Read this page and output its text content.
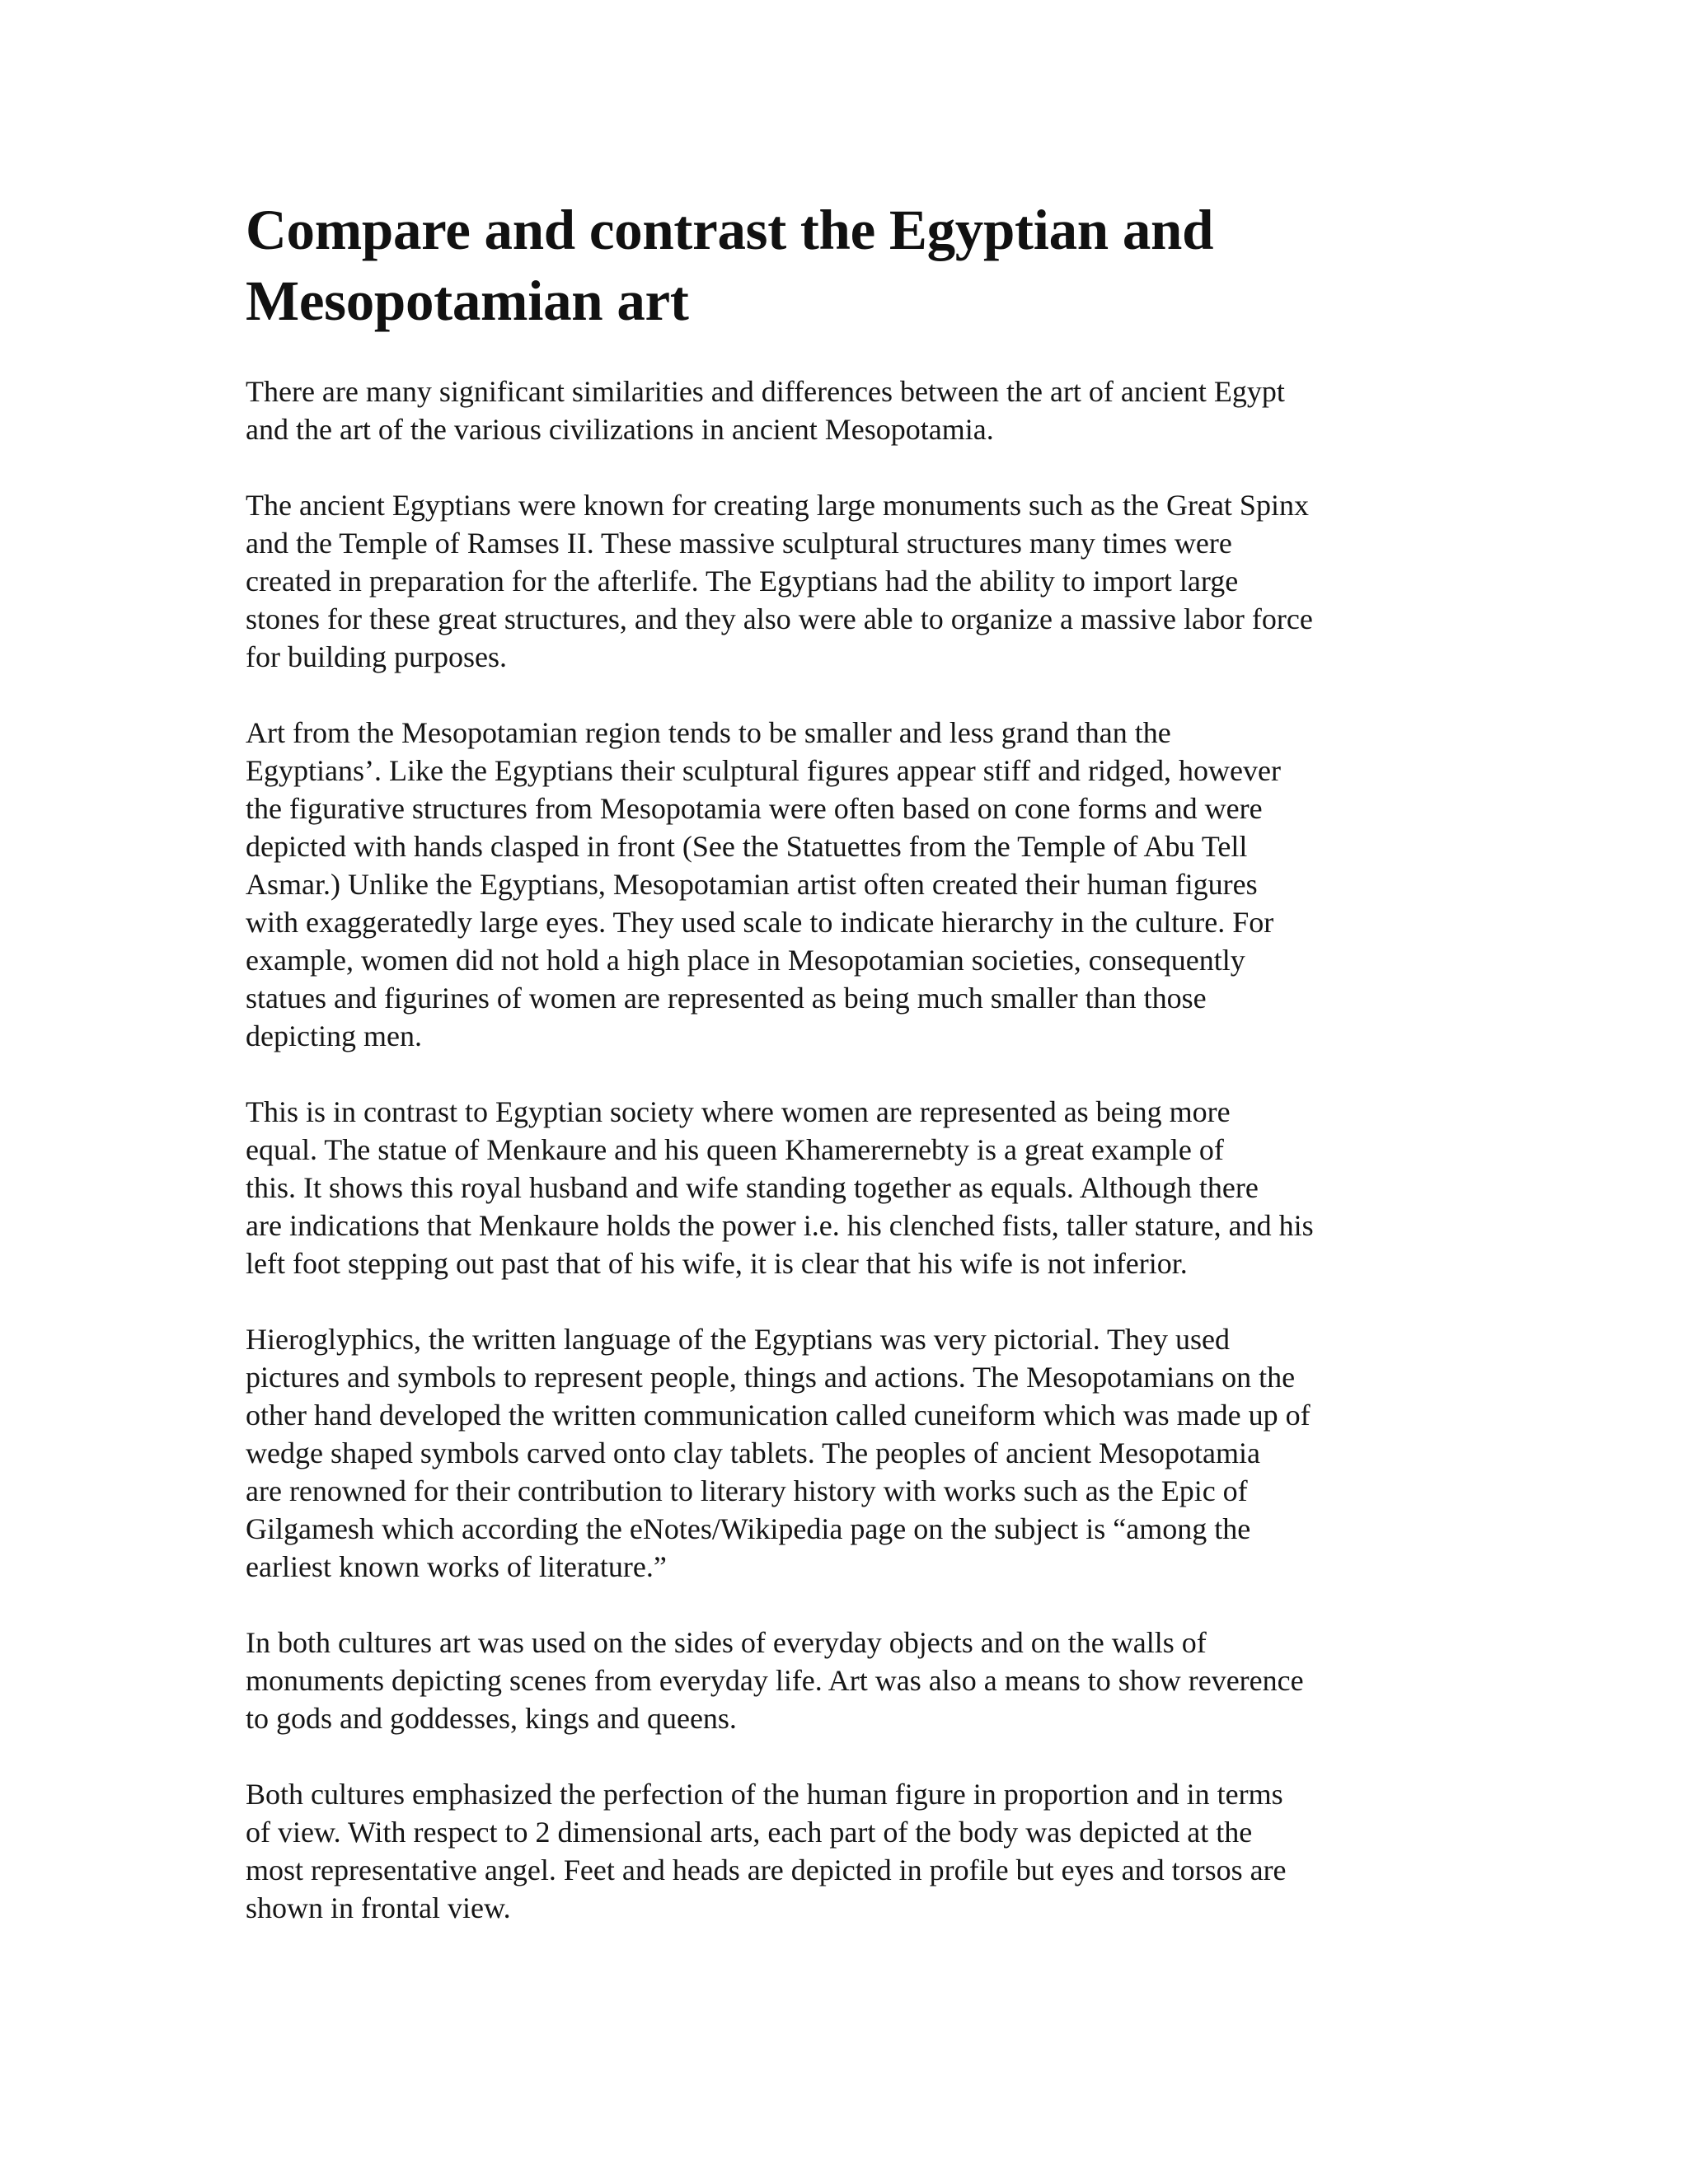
Compare and contrast the Egyptian and
Mesopotamian art

There are many significant similarities and differences between the art of ancient Egypt
and the art of the various civilizations in ancient Mesopotamia.

The ancient Egyptians were known for creating large monuments such as the Great Spinx
and the Temple of Ramses II. These massive sculptural structures many times were
created in preparation for the afterlife. The Egyptians had the ability to import large
stones for these great structures, and they also were able to organize a massive labor force
for building purposes.

Art from the Mesopotamian region tends to be smaller and less grand than the
Egyptians’. Like the Egyptians their sculptural figures appear stiff and ridged, however
the figurative structures from Mesopotamia were often based on cone forms and were
depicted with hands clasped in front (See the Statuettes from the Temple of Abu Tell
Asmar.) Unlike the Egyptians, Mesopotamian artist often created their human figures
with exaggeratedly large eyes. They used scale to indicate hierarchy in the culture. For
example, women did not hold a high place in Mesopotamian societies, consequently
statues and figurines of women are represented as being much smaller than those
depicting men.

This is in contrast to Egyptian society where women are represented as being more
equal. The statue of Menkaure and his queen Khamerernebty is a great example of
this. It shows this royal husband and wife standing together as equals. Although there
are indications that Menkaure holds the power i.e. his clenched fists, taller stature, and his
left foot stepping out past that of his wife, it is clear that his wife is not inferior.

Hieroglyphics, the written language of the Egyptians was very pictorial. They used
pictures and symbols to represent people, things and actions. The Mesopotamians on the
other hand developed the written communication called cuneiform which was made up of
wedge shaped symbols carved onto clay tablets. The peoples of ancient Mesopotamia
are renowned for their contribution to literary history with works such as the Epic of
Gilgamesh which according the eNotes/Wikipedia page on the subject is “among the
earliest known works of literature.”

In both cultures art was used on the sides of everyday objects and on the walls of
monuments depicting scenes from everyday life. Art was also a means to show reverence
to gods and goddesses, kings and queens.

Both cultures emphasized the perfection of the human figure in proportion and in terms
of view. With respect to 2 dimensional arts, each part of the body was depicted at the
most representative angel. Feet and heads are depicted in profile but eyes and torsos are
shown in frontal view.
